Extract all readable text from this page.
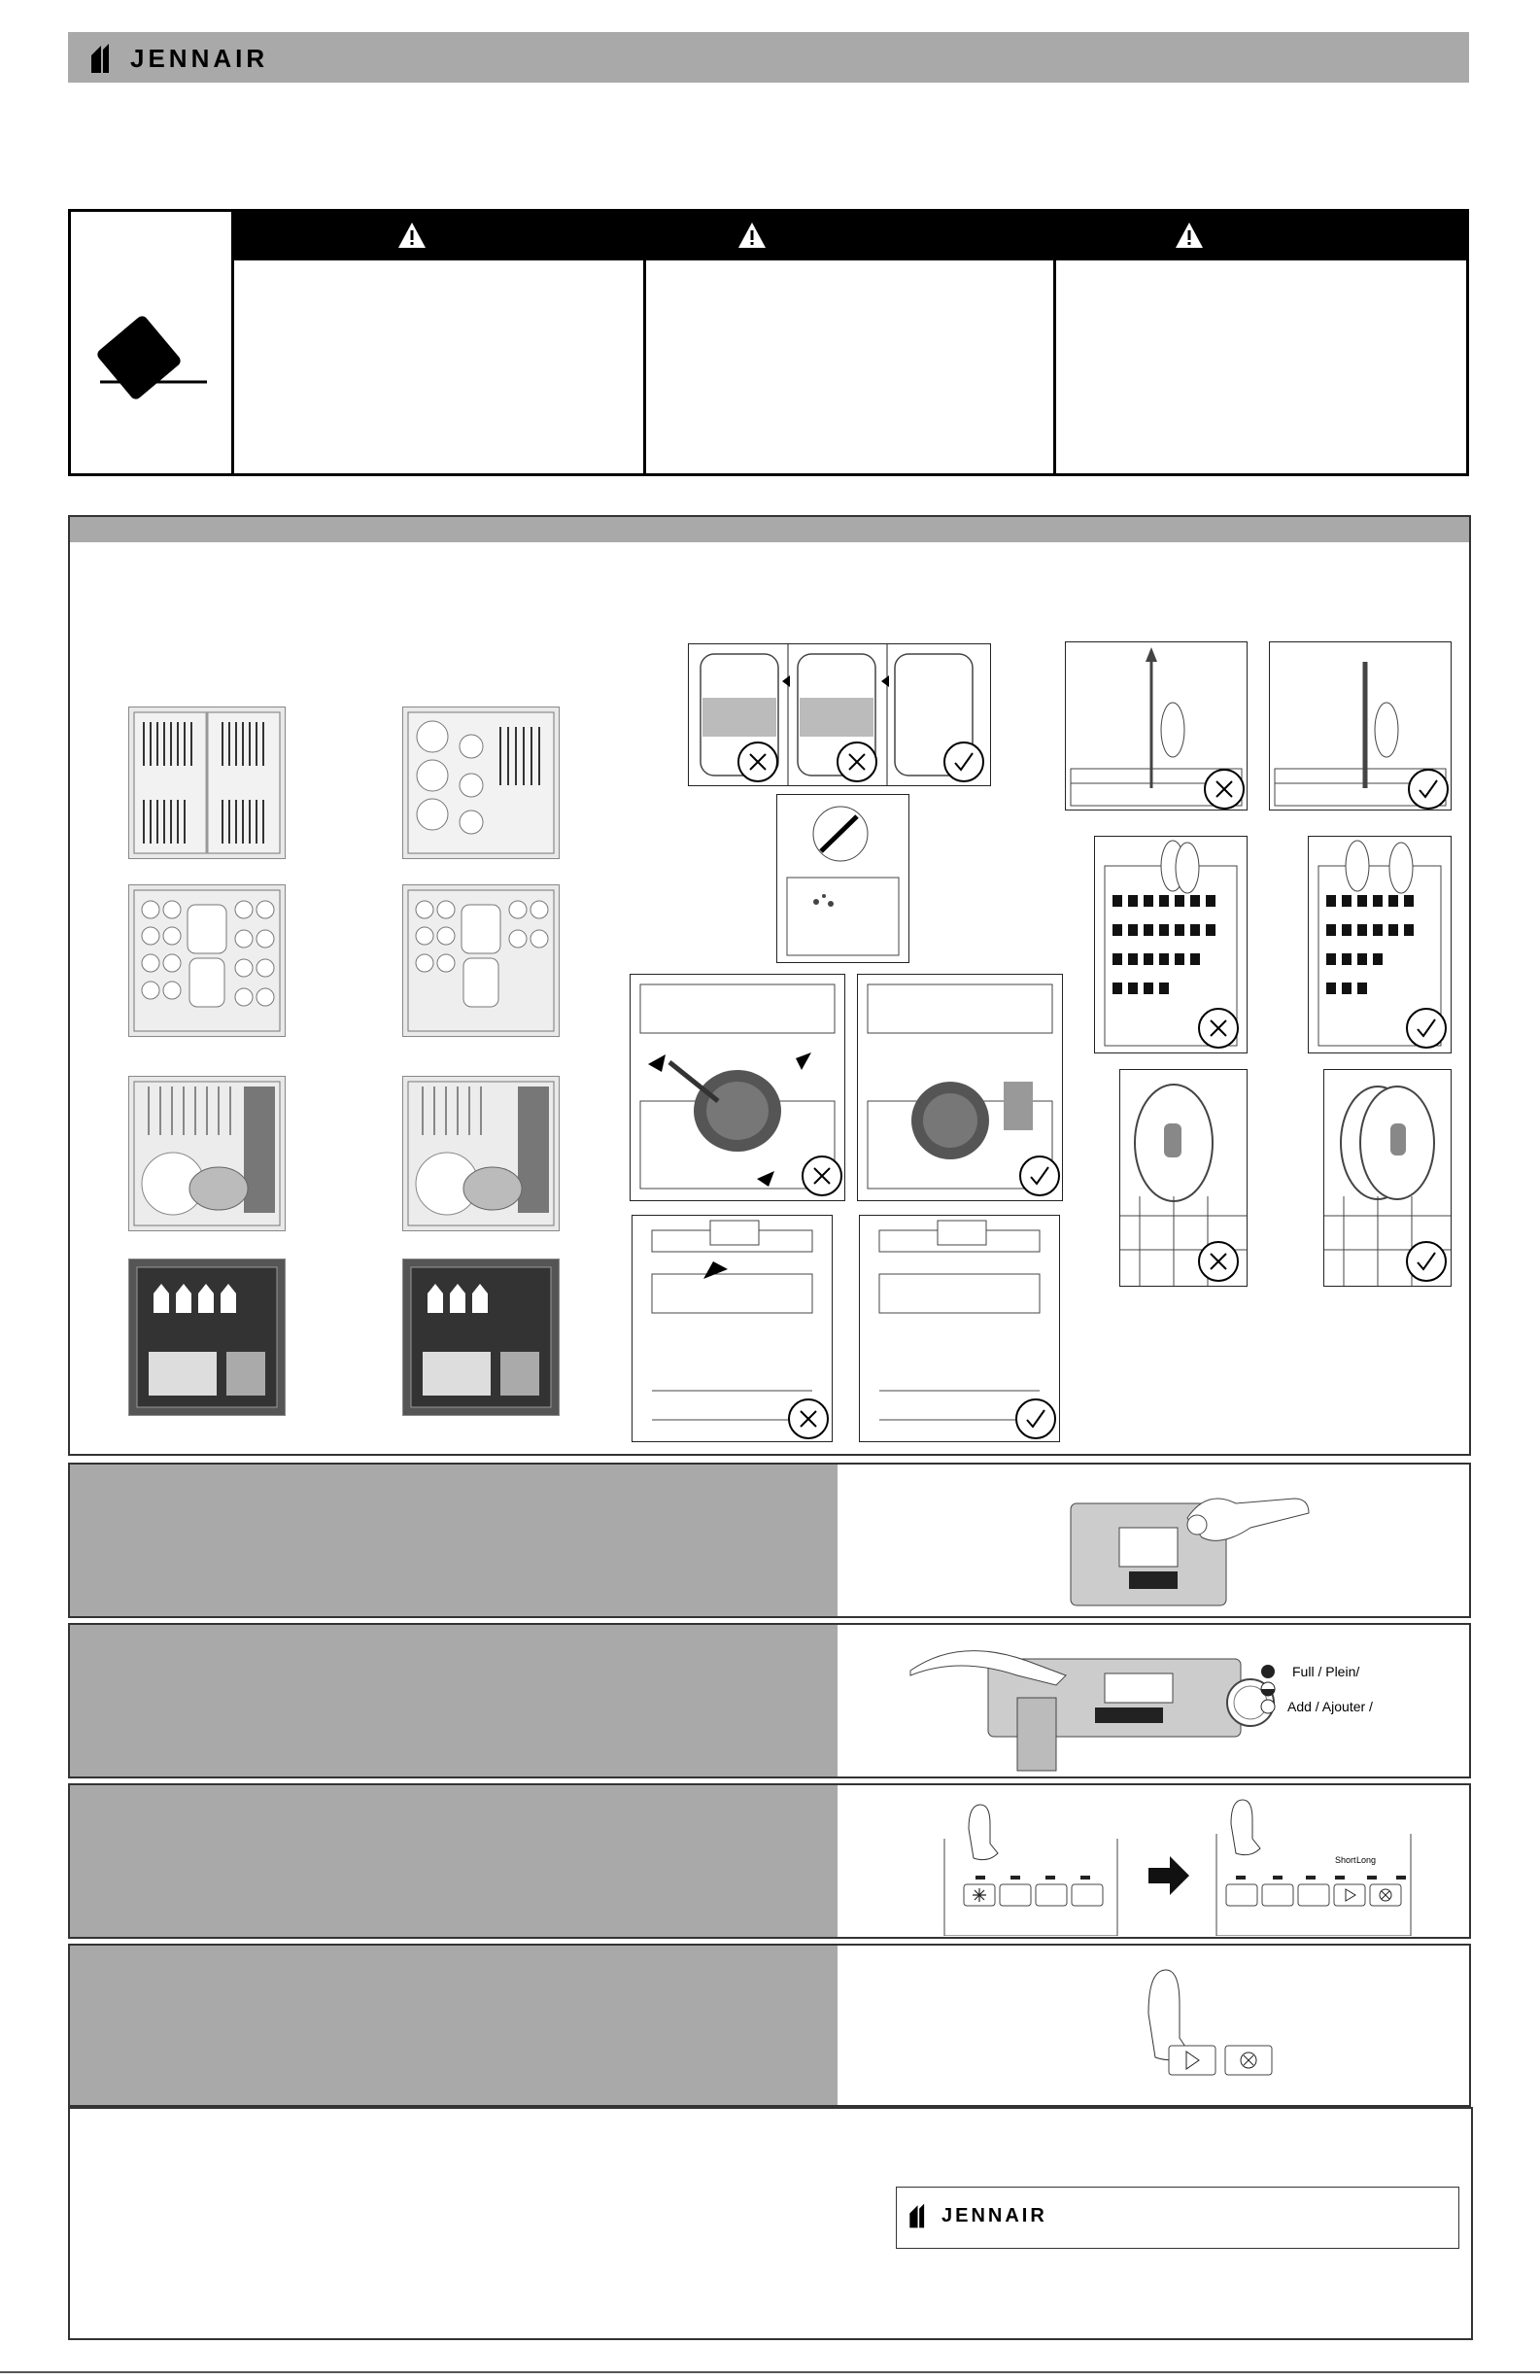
JENNAIR
Full / Plein/
Add / Ajouter /
Short Long
JENNAIR
